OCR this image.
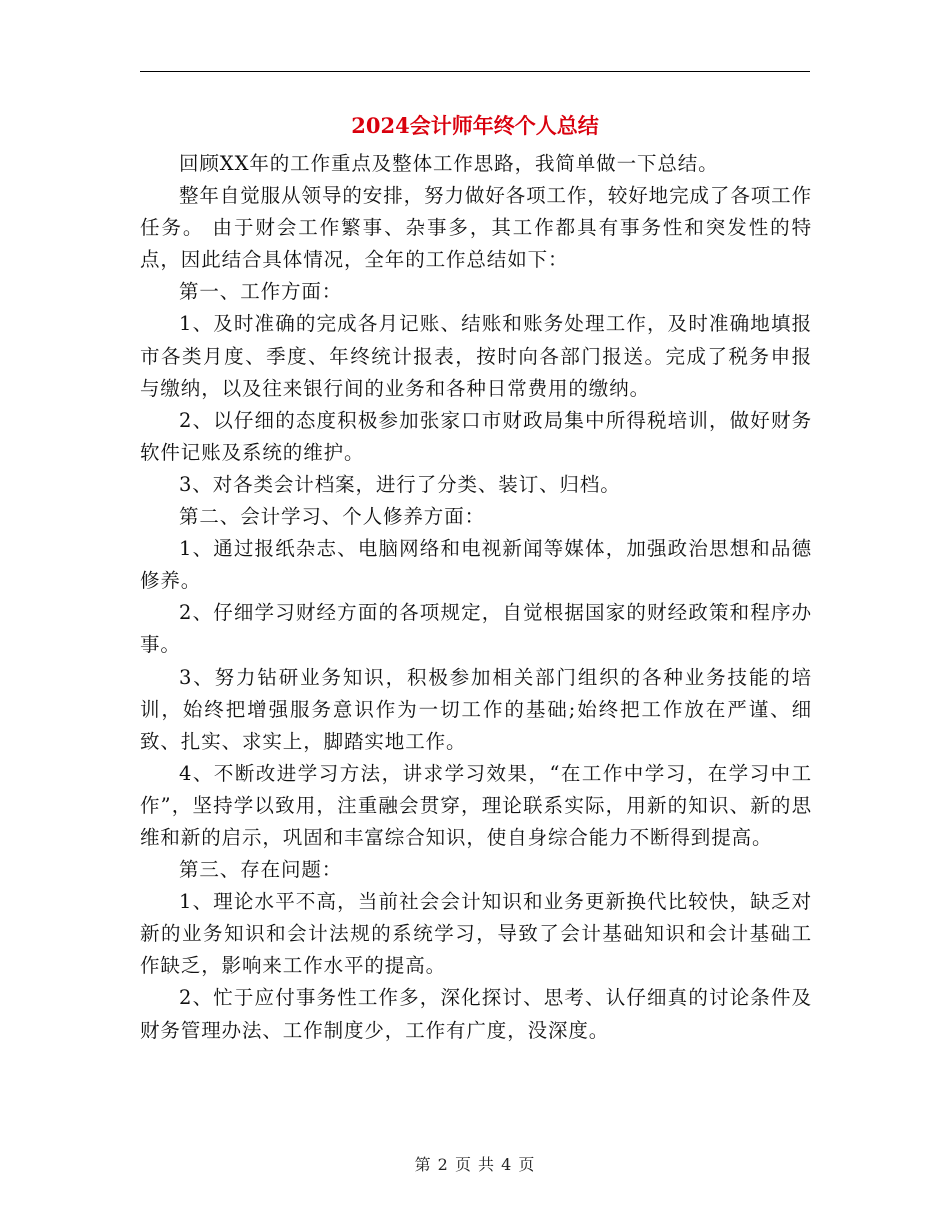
2024会计师年终个人总结

回顾XX年的工作重点及整体工作思路，我简单做一下总结。

整年自觉服从领导的安排，努力做好各项工作，较好地完成了各项工作任务。 由于财会工作繁事、杂事多，其工作都具有事务性和突发性的特点，因此结合具体情况，全年的工作总结如下：

第一、工作方面：

1、及时准确的完成各月记账、结账和账务处理工作，及时准确地填报市各类月度、季度、年终统计报表，按时向各部门报送。完成了税务申报与缴纳，以及往来银行间的业务和各种日常费用的缴纳。

2、以仔细的态度积极参加张家口市财政局集中所得税培训，做好财务软件记账及系统的维护。

3、对各类会计档案，进行了分类、装订、归档。

第二、会计学习、个人修养方面：

1、通过报纸杂志、电脑网络和电视新闻等媒体，加强政治思想和品德修养。

2、仔细学习财经方面的各项规定，自觉根据国家的财经政策和程序办事。

3、努力钻研业务知识，积极参加相关部门组织的各种业务技能的培训，始终把增强服务意识作为一切工作的基础;始终把工作放在严谨、细致、扎实、求实上，脚踏实地工作。

4、不断改进学习方法，讲求学习效果，“在工作中学习，在学习中工作”，坚持学以致用，注重融会贯穿，理论联系实际，用新的知识、新的思维和新的启示，巩固和丰富综合知识，使自身综合能力不断得到提高。

第三、存在问题：

1、理论水平不高，当前社会会计知识和业务更新换代比较快，缺乏对新的业务知识和会计法规的系统学习，导致了会计基础知识和会计基础工作缺乏，影响来工作水平的提高。

2、忙于应付事务性工作多，深化探讨、思考、认仔细真的讨论条件及财务管理办法、工作制度少，工作有广度，没深度。

第 2 页 共 4 页
